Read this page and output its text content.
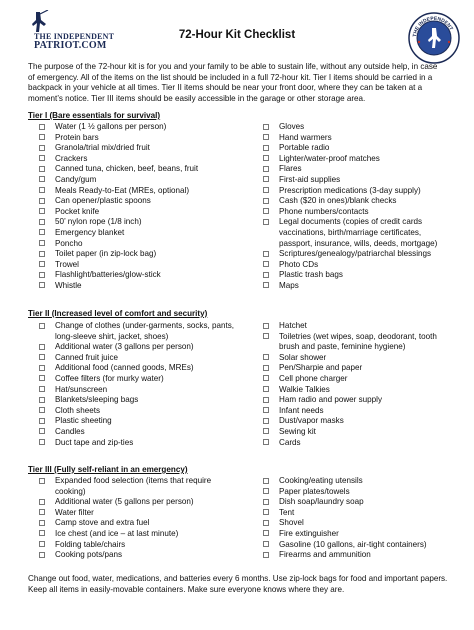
THE INDEPENDENT
PATRIOT.COM
72-Hour Kit Checklist	THE INDEPENDENT
The purpose of the 72-hour kit is for you and your family to be able to sustain life, without any outside help, in case of emergency. All of the items on the list should be included in a full 72-hour kit. Tier I items should be carried in a backpack in your vehicle at all times. Tier II items should be near your front door, where they can be taken at a moment’s notice. Tier III items should be easily accessible in the garage or other storage area.
Tier I (Bare essentials for survival)
Water (1 ½ gallons per person)
Protein bars
Granola/trial mix/dried fruit
Crackers
Canned tuna, chicken, beef, beans, fruit
Candy/gum
Meals Ready-to-Eat (MREs, optional)
Can opener/plastic spoons
Pocket knife
50’ nylon rope (1/8 inch)
Emergency blanket
Poncho
Toilet paper (in zip-lock bag)
Trowel
Flashlight/batteries/glow-stick
Whistle
Gloves
Hand warmers
Portable radio
Lighter/water-proof matches
Flares
First-aid supplies
Prescription medications (3-day supply)
Cash ($20 in ones)/blank checks
Phone numbers/contacts
Legal documents (copies of credit cards vaccinations, birth/marriage certificates, passport, insurance, wills, deeds, mortgage)
Scriptures/genealogy/patriarchal blessings
Photo CDs
Plastic trash bags
Maps
Tier II (Increased level of comfort and security)
Change of clothes (under-garments, socks, pants, long-sleeve shirt, jacket, shoes)
Additional water (3 gallons per person)
Canned fruit juice
Additional food (canned goods, MREs)
Coffee filters (for murky water)
Hat/sunscreen
Blankets/sleeping bags
Cloth sheets
Plastic sheeting
Candles
Duct tape and zip-ties
Hatchet
Toiletries (wet wipes, soap, deodorant, tooth brush and paste, feminine hygiene)
Solar shower
Pen/Sharpie and paper
Cell phone charger
Walkie Talkies
Ham radio and power supply
Infant needs
Dust/vapor masks
Sewing kit
Cards
Tier III (Fully self-reliant in an emergency)
Expanded food selection (items that require cooking)
Additional water (5 gallons per person)
Water filter
Camp stove and extra fuel
Ice chest (and ice – at last minute)
Folding table/chairs
Cooking pots/pans
Cooking/eating utensils
Paper plates/towels
Dish soap/laundry soap
Tent
Shovel
Fire extinguisher
Gasoline (10 gallons, air-tight containers)
Firearms and ammunition
Change out food, water, medications, and batteries every 6 months. Use zip-lock bags for food and important papers. Keep all items in easily-movable containers. Make sure everyone knows where they are.
